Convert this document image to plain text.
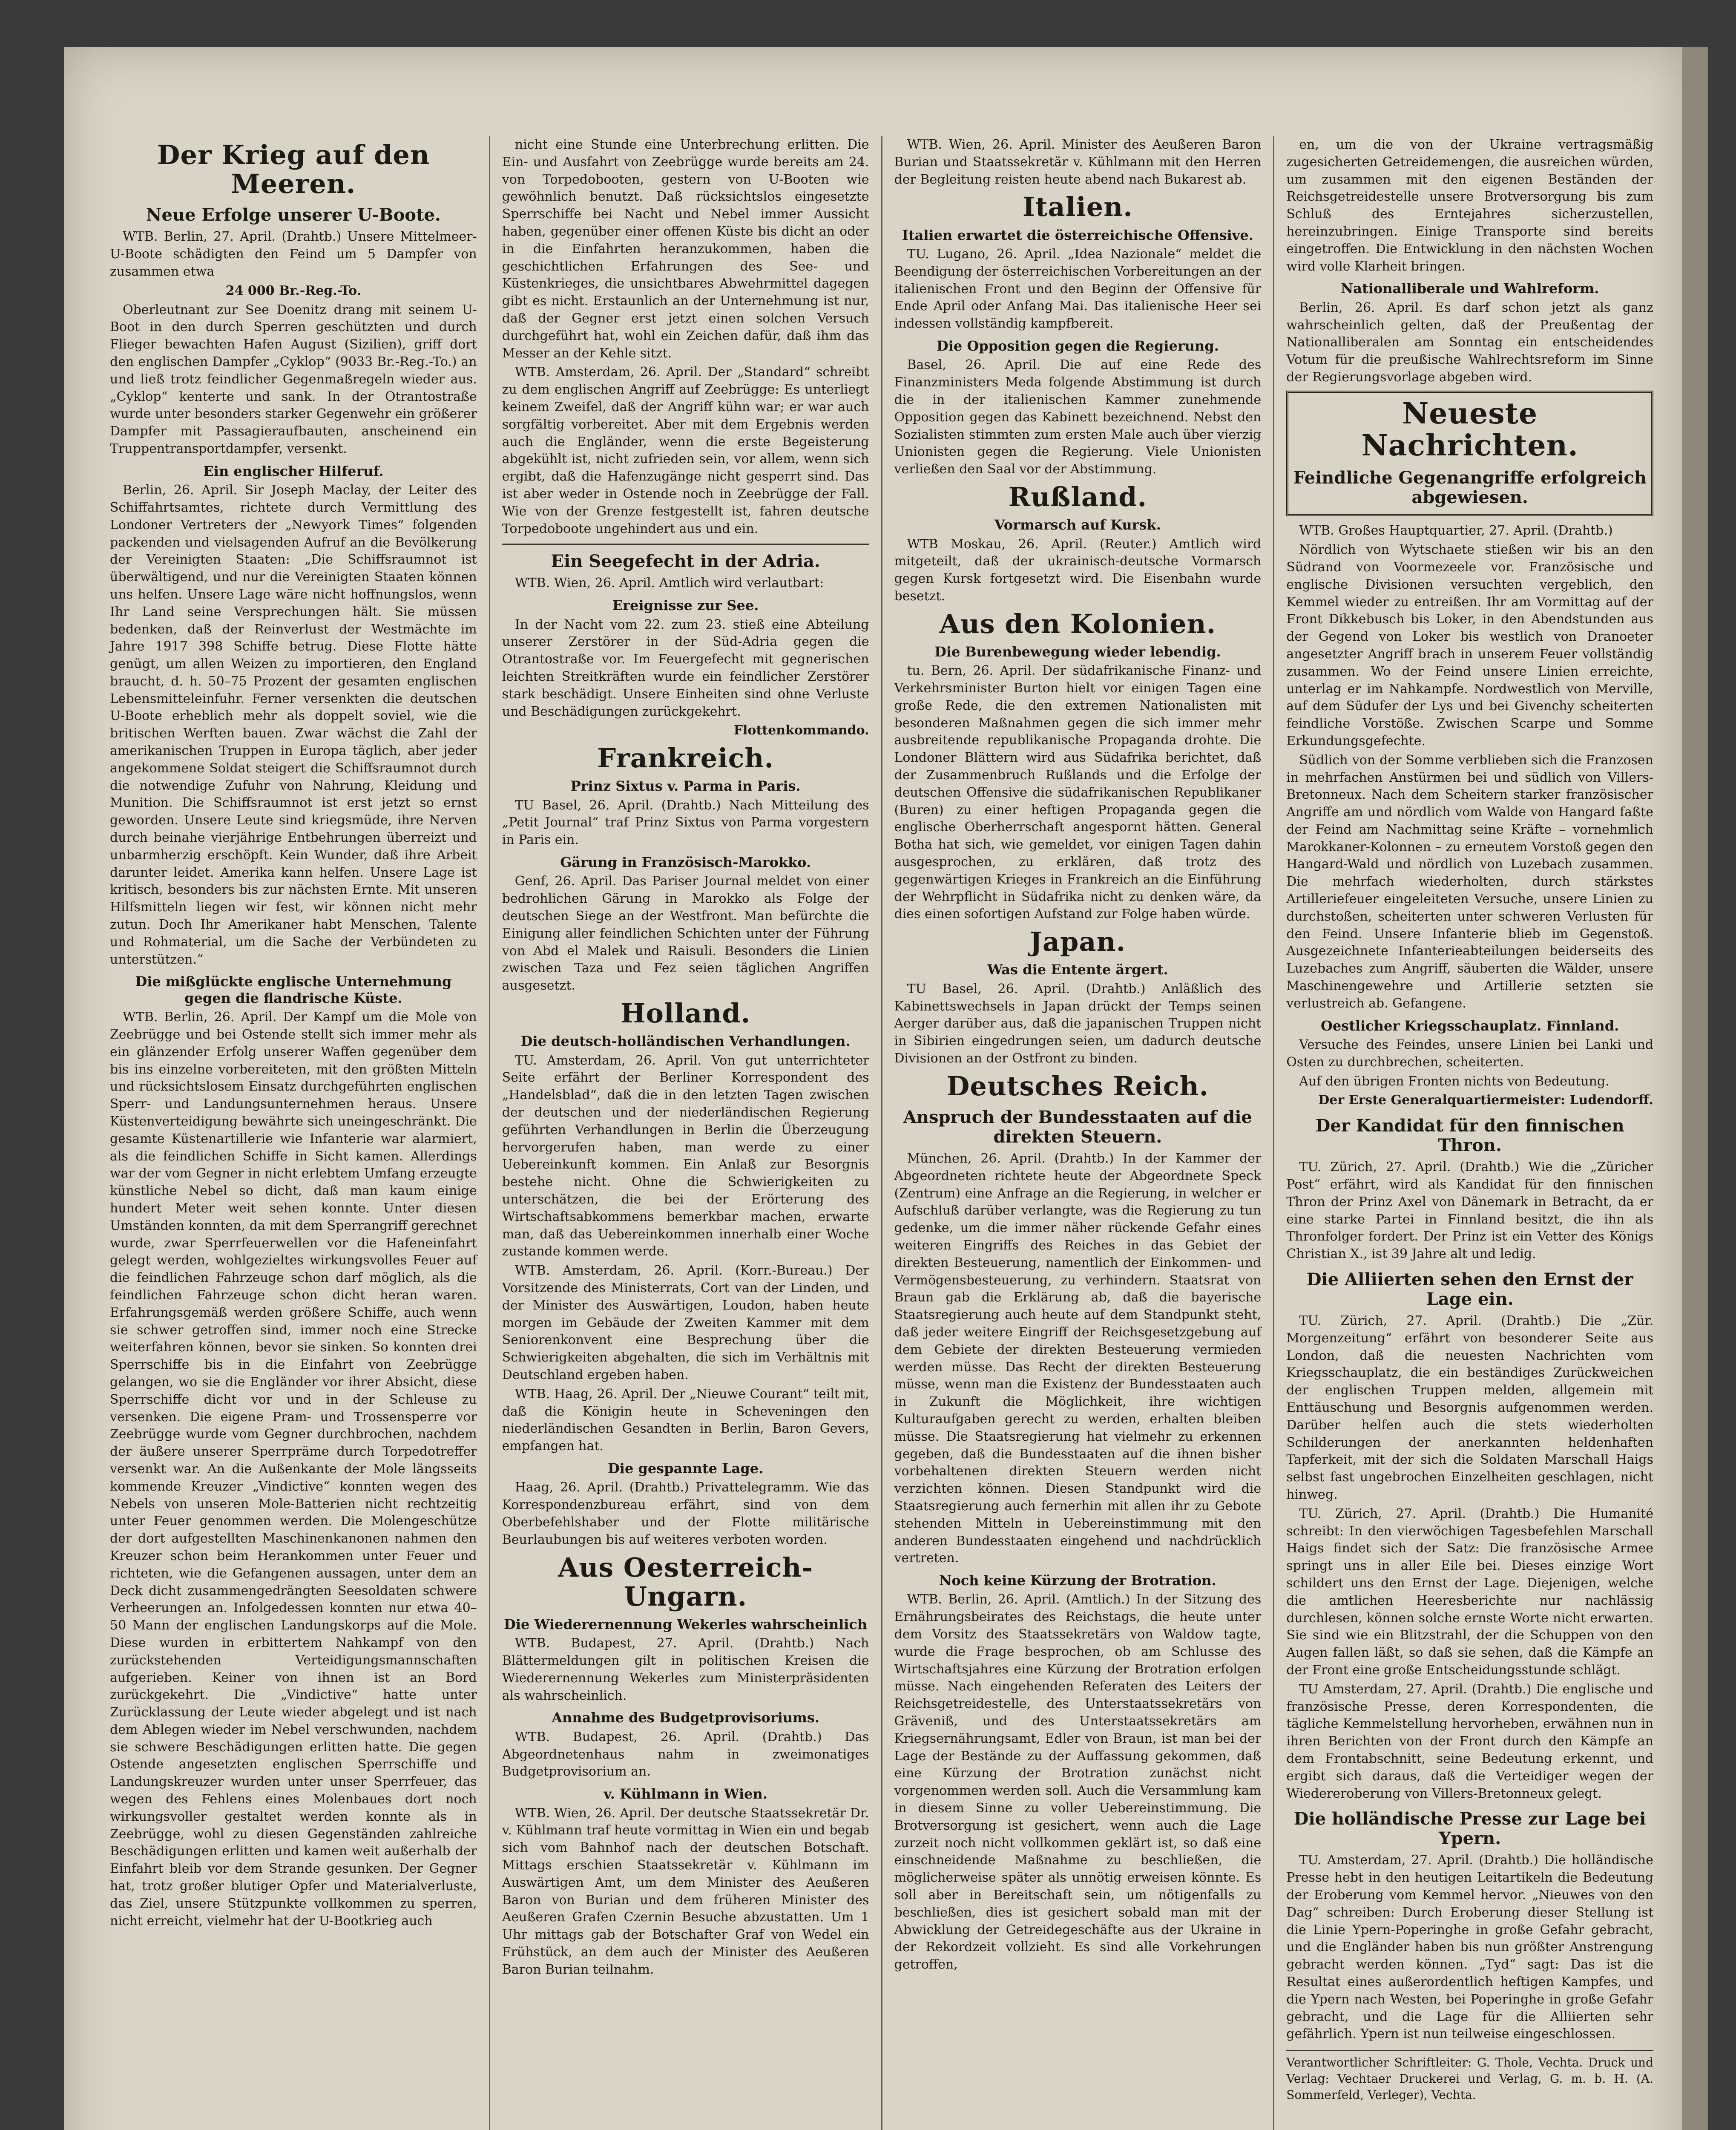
Der Krieg auf den Meeren.
Neue Erfolge unserer U-Boote.

WTB. Berlin, 27. April. (Drahtb.) Unsere Mittelmeer-U-Boote schädigten den Feind um 5 Dampfer von zusammen etwa

24 000 Br.-Reg.-To.

Oberleutnant zur See Doenitz drang mit seinem U-Boot in den durch Sperren geschützten und durch Flieger bewachten Hafen August (Sizilien), griff dort den englischen Dampfer „Cyklop“ (9033 Br.-Reg.-To.) an und ließ trotz feindlicher Gegenmaßregeln wieder aus. „Cyklop“ kenterte und sank. In der Otrantostraße wurde unter besonders starker Gegenwehr ein größerer Dampfer mit Passagieraufbauten, anscheinend ein Truppentransportdampfer, versenkt.

Ein englischer Hilferuf.

Berlin, 26. April. Sir Joseph Maclay, der Leiter des Schiffahrtsamtes, richtete durch Vermittlung des Londoner Vertreters der „Newyork Times“ folgenden packenden und vielsagenden Aufruf an die Bevölkerung der Vereinigten Staaten: „Die Schiffsraumnot ist überwältigend, und nur die Vereinigten Staaten können uns helfen. Unsere Lage wäre nicht hoffnungslos, wenn Ihr Land seine Versprechungen hält. Sie müssen bedenken, daß der Reinverlust der Westmächte im Jahre 1917 398 Schiffe betrug. Diese Flotte hätte genügt, um allen Weizen zu importieren, den England braucht, d. h. 50–75 Prozent der gesamten englischen Lebensmitteleinfuhr. Ferner versenkten die deutschen U-Boote erheblich mehr als doppelt soviel, wie die britischen Werften bauen. Zwar wächst die Zahl der amerikanischen Truppen in Europa täglich, aber jeder angekommene Soldat steigert die Schiffsraumnot durch die notwendige Zufuhr von Nahrung, Kleidung und Munition. Die Schiffsraumnot ist erst jetzt so ernst geworden. Unsere Leute sind kriegsmüde, ihre Nerven durch beinahe vierjährige Entbehrungen überreizt und unbarmherzig erschöpft. Kein Wunder, daß ihre Arbeit darunter leidet. Amerika kann helfen. Unsere Lage ist kritisch, besonders bis zur nächsten Ernte. Mit unseren Hilfsmitteln liegen wir fest, wir können nicht mehr zutun. Doch Ihr Amerikaner habt Menschen, Talente und Rohmaterial, um die Sache der Verbündeten zu unterstützen.“

Die mißglückte englische Unternehmung gegen die flandrische Küste.

WTB. Berlin, 26. April. Der Kampf um die Mole von Zeebrügge und bei Ostende stellt sich immer mehr als ein glänzender Erfolg unserer Waffen gegenüber dem bis ins einzelne vorbereiteten, mit den größten Mitteln und rücksichtslosem Einsatz durchgeführten englischen Sperr- und Landungsunternehmen heraus. Unsere Küstenverteidigung bewährte sich uneingeschränkt. Die gesamte Küstenartillerie wie Infanterie war alarmiert, als die feindlichen Schiffe in Sicht kamen. Allerdings war der vom Gegner in nicht erlebtem Umfang erzeugte künstliche Nebel so dicht, daß man kaum einige hundert Meter weit sehen konnte. Unter diesen Umständen konnten, da mit dem Sperrangriff gerechnet wurde, zwar Sperrfeuerwellen vor die Hafeneinfahrt gelegt werden, wohlgezieltes wirkungsvolles Feuer auf die feindlichen Fahrzeuge schon darf möglich, als die feindlichen Fahrzeuge schon dicht heran waren. Erfahrungsgemäß werden größere Schiffe, auch wenn sie schwer getroffen sind, immer noch eine Strecke weiterfahren können, bevor sie sinken. So konnten drei Sperrschiffe bis in die Einfahrt von Zeebrügge gelangen, wo sie die Engländer vor ihrer Absicht, diese Sperrschiffe dicht vor und in der Schleuse zu versenken. Die eigene Pram- und Trossensperre vor Zeebrügge wurde vom Gegner durchbrochen, nachdem der äußere unserer Sperrpräme durch Torpedotreffer versenkt war. An die Außenkante der Mole längsseits kommende Kreuzer „Vindictive“ konnten wegen des Nebels von unseren Mole-Batterien nicht rechtzeitig unter Feuer genommen werden. Die Molengeschütze der dort aufgestellten Maschinenkanonen nahmen den Kreuzer schon beim Herankommen unter Feuer und richteten, wie die Gefangenen aussagen, unter dem an Deck dicht zusammengedrängten Seesoldaten schwere Verheerungen an. Infolgedessen konnten nur etwa 40–50 Mann der englischen Landungskorps auf die Mole. Diese wurden in erbittertem Nahkampf von den zurückstehenden Verteidigungsmannschaften aufgerieben. Keiner von ihnen ist an Bord zurückgekehrt. Die „Vindictive“ hatte unter Zurücklassung der Leute wieder abgelegt und ist nach dem Ablegen wieder im Nebel verschwunden, nachdem sie schwere Beschädigungen erlitten hatte. Die gegen Ostende angesetzten englischen Sperrschiffe und Landungskreuzer wurden unter unser Sperrfeuer, das wegen des Fehlens eines Molenbaues dort noch wirkungsvoller gestaltet werden konnte als in Zeebrügge, wohl zu diesen Gegenständen zahlreiche Beschädigungen erlitten und kamen weit außerhalb der Einfahrt bleib vor dem Strande gesunken. Der Gegner hat, trotz großer blutiger Opfer und Materialverluste, das Ziel, unsere Stützpunkte vollkommen zu sperren, nicht erreicht, vielmehr hat der U-Bootkrieg auch

nicht eine Stunde eine Unterbrechung erlitten. Die Ein- und Ausfahrt von Zeebrügge wurde bereits am 24. von Torpedobooten, gestern von U-Booten wie gewöhnlich benutzt. Daß rücksichtslos eingesetzte Sperrschiffe bei Nacht und Nebel immer Aussicht haben, gegenüber einer offenen Küste bis dicht an oder in die Einfahrten heranzukommen, haben die geschichtlichen Erfahrungen des See- und Küstenkrieges, die unsichtbares Abwehrmittel dagegen gibt es nicht. Erstaunlich an der Unternehmung ist nur, daß der Gegner erst jetzt einen solchen Versuch durchgeführt hat, wohl ein Zeichen dafür, daß ihm das Messer an der Kehle sitzt.

WTB. Amsterdam, 26. April. Der „Standard“ schreibt zu dem englischen Angriff auf Zeebrügge: Es unterliegt keinem Zweifel, daß der Angriff kühn war; er war auch sorgfältig vorbereitet. Aber mit dem Ergebnis werden auch die Engländer, wenn die erste Begeisterung abgekühlt ist, nicht zufrieden sein, vor allem, wenn sich ergibt, daß die Hafenzugänge nicht gesperrt sind. Das ist aber weder in Ostende noch in Zeebrügge der Fall. Wie von der Grenze festgestellt ist, fahren deutsche Torpedoboote ungehindert aus und ein.

Ein Seegefecht in der Adria.

WTB. Wien, 26. April. Amtlich wird verlautbart:

Ereignisse zur See.

In der Nacht vom 22. zum 23. stieß eine Abteilung unserer Zerstörer in der Süd-Adria gegen die Otrantostraße vor. Im Feuergefecht mit gegnerischen leichten Streitkräften wurde ein feindlicher Zerstörer stark beschädigt. Unsere Einheiten sind ohne Verluste und Beschädigungen zurückgekehrt.

Flottenkommando.
Frankreich.
Prinz Sixtus v. Parma in Paris.

TU Basel, 26. April. (Drahtb.) Nach Mitteilung des „Petit Journal“ traf Prinz Sixtus von Parma vorgestern in Paris ein.

Gärung in Französisch-Marokko.

Genf, 26. April. Das Pariser Journal meldet von einer bedrohlichen Gärung in Marokko als Folge der deutschen Siege an der Westfront. Man befürchte die Einigung aller feindlichen Schichten unter der Führung von Abd el Malek und Raisuli. Besonders die Linien zwischen Taza und Fez seien täglichen Angriffen ausgesetzt.

Holland.
Die deutsch-holländischen Verhandlungen.

TU. Amsterdam, 26. April. Von gut unterrichteter Seite erfährt der Berliner Korrespondent des „Handelsblad“, daß die in den letzten Tagen zwischen der deutschen und der niederländischen Regierung geführten Verhandlungen in Berlin die Überzeugung hervorgerufen haben, man werde zu einer Uebereinkunft kommen. Ein Anlaß zur Besorgnis bestehe nicht. Ohne die Schwierigkeiten zu unterschätzen, die bei der Erörterung des Wirtschaftsabkommens bemerkbar machen, erwarte man, daß das Uebereinkommen innerhalb einer Woche zustande kommen werde.

WTB. Amsterdam, 26. April. (Korr.-Bureau.) Der Vorsitzende des Ministerrats, Cort van der Linden, und der Minister des Auswärtigen, Loudon, haben heute morgen im Gebäude der Zweiten Kammer mit dem Seniorenkonvent eine Besprechung über die Schwierigkeiten abgehalten, die sich im Verhältnis mit Deutschland ergeben haben.

WTB. Haag, 26. April. Der „Nieuwe Courant“ teilt mit, daß die Königin heute in Scheveningen den niederländischen Gesandten in Berlin, Baron Gevers, empfangen hat.

Die gespannte Lage.

Haag, 26. April. (Drahtb.) Privattelegramm. Wie das Korrespondenzbureau erfährt, sind von dem Oberbefehlshaber und der Flotte militärische Beurlaubungen bis auf weiteres verboten worden.

Aus Oesterreich-Ungarn.
Die Wiederernennung Wekerles wahrscheinlich

WTB. Budapest, 27. April. (Drahtb.) Nach Blättermeldungen gilt in politischen Kreisen die Wiederernennung Wekerles zum Ministerpräsidenten als wahrscheinlich.

Annahme des Budgetprovisoriums.

WTB. Budapest, 26. April. (Drahtb.) Das Abgeordnetenhaus nahm in zweimonatiges Budgetprovisorium an.

v. Kühlmann in Wien.

WTB. Wien, 26. April. Der deutsche Staatssekretär Dr. v. Kühlmann traf heute vormittag in Wien ein und begab sich vom Bahnhof nach der deutschen Botschaft. Mittags erschien Staatssekretär v. Kühlmann im Auswärtigen Amt, um dem Minister des Aeußeren Baron von Burian und dem früheren Minister des Aeußeren Grafen Czernin Besuche abzustatten. Um 1 Uhr mittags gab der Botschafter Graf von Wedel ein Frühstück, an dem auch der Minister des Aeußeren Baron Burian teilnahm.

WTB. Wien, 26. April. Minister des Aeußeren Baron Burian und Staatssekretär v. Kühlmann mit den Herren der Begleitung reisten heute abend nach Bukarest ab.

Italien.
Italien erwartet die österreichische Offensive.

TU. Lugano, 26. April. „Idea Nazionale“ meldet die Beendigung der österreichischen Vorbereitungen an der italienischen Front und den Beginn der Offensive für Ende April oder Anfang Mai. Das italienische Heer sei indessen vollständig kampfbereit.

Die Opposition gegen die Regierung.

Basel, 26. April. Die auf eine Rede des Finanzministers Meda folgende Abstimmung ist durch die in der italienischen Kammer zunehmende Opposition gegen das Kabinett bezeichnend. Nebst den Sozialisten stimmten zum ersten Male auch über vierzig Unionisten gegen die Regierung. Viele Unionisten verließen den Saal vor der Abstimmung.

Rußland.
Vormarsch auf Kursk.

WTB Moskau, 26. April. (Reuter.) Amtlich wird mitgeteilt, daß der ukrainisch-deutsche Vormarsch gegen Kursk fortgesetzt wird. Die Eisenbahn wurde besetzt.

Aus den Kolonien.
Die Burenbewegung wieder lebendig.

tu. Bern, 26. April. Der südafrikanische Finanz- und Verkehrsminister Burton hielt vor einigen Tagen eine große Rede, die den extremen Nationalisten mit besonderen Maßnahmen gegen die sich immer mehr ausbreitende republikanische Propaganda drohte. Die Londoner Blättern wird aus Südafrika berichtet, daß der Zusammenbruch Rußlands und die Erfolge der deutschen Offensive die südafrikanischen Republikaner (Buren) zu einer heftigen Propaganda gegen die englische Oberherrschaft angespornt hätten. General Botha hat sich, wie gemeldet, vor einigen Tagen dahin ausgesprochen, zu erklären, daß trotz des gegenwärtigen Krieges in Frankreich an die Einführung der Wehrpflicht in Südafrika nicht zu denken wäre, da dies einen sofortigen Aufstand zur Folge haben würde.

Japan.
Was die Entente ärgert.

TU Basel, 26. April. (Drahtb.) Anläßlich des Kabinettswechsels in Japan drückt der Temps seinen Aerger darüber aus, daß die japanischen Truppen nicht in Sibirien eingedrungen seien, um dadurch deutsche Divisionen an der Ostfront zu binden.

Deutsches Reich.
Anspruch der Bundesstaaten auf die direkten Steuern.

München, 26. April. (Drahtb.) In der Kammer der Abgeordneten richtete heute der Abgeordnete Speck (Zentrum) eine Anfrage an die Regierung, in welcher er Aufschluß darüber verlangte, was die Regierung zu tun gedenke, um die immer näher rückende Gefahr eines weiteren Eingriffs des Reiches in das Gebiet der direkten Besteuerung, namentlich der Einkommen- und Vermögensbesteuerung, zu verhindern. Staatsrat von Braun gab die Erklärung ab, daß die bayerische Staatsregierung auch heute auf dem Standpunkt steht, daß jeder weitere Eingriff der Reichsgesetzgebung auf dem Gebiete der direkten Besteuerung vermieden werden müsse. Das Recht der direkten Besteuerung müsse, wenn man die Existenz der Bundesstaaten auch in Zukunft die Möglichkeit, ihre wichtigen Kulturaufgaben gerecht zu werden, erhalten bleiben müsse. Die Staatsregierung hat vielmehr zu erkennen gegeben, daß die Bundesstaaten auf die ihnen bisher vorbehaltenen direkten Steuern werden nicht verzichten können. Diesen Standpunkt wird die Staatsregierung auch fernerhin mit allen ihr zu Gebote stehenden Mitteln in Uebereinstimmung mit den anderen Bundesstaaten eingehend und nachdrücklich vertreten.

Noch keine Kürzung der Brotration.

WTB. Berlin, 26. April. (Amtlich.) In der Sitzung des Ernährungsbeirates des Reichstags, die heute unter dem Vorsitz des Staatssekretärs von Waldow tagte, wurde die Frage besprochen, ob am Schlusse des Wirtschaftsjahres eine Kürzung der Brotration erfolgen müsse. Nach eingehenden Referaten des Leiters der Reichsgetreidestelle, des Unterstaatssekretärs von Gräveniß, und des Unterstaatssekretärs am Kriegsernährungsamt, Edler von Braun, ist man bei der Lage der Bestände zu der Auffassung gekommen, daß eine Kürzung der Brotration zunächst nicht vorgenommen werden soll. Auch die Versammlung kam in diesem Sinne zu voller Uebereinstimmung. Die Brotversorgung ist gesichert, wenn auch die Lage zurzeit noch nicht vollkommen geklärt ist, so daß eine einschneidende Maßnahme zu beschließen, die möglicherweise später als unnötig erweisen könnte. Es soll aber in Bereitschaft sein, um nötigenfalls zu beschließen, dies ist gesichert sobald man mit der Abwicklung der Getreidegeschäfte aus der Ukraine in der Rekordzeit vollzieht. Es sind alle Vorkehrungen getroffen,

en, um die von der Ukraine vertragsmäßig zugesicherten Getreidemengen, die ausreichen würden, um zusammen mit den eigenen Beständen der Reichsgetreidestelle unsere Brotversorgung bis zum Schluß des Erntejahres sicherzustellen, hereinzubringen. Einige Transporte sind bereits eingetroffen. Die Entwicklung in den nächsten Wochen wird volle Klarheit bringen.

Nationalliberale und Wahlreform.

Berlin, 26. April. Es darf schon jetzt als ganz wahrscheinlich gelten, daß der Preußentag der Nationalliberalen am Sonntag ein entscheidendes Votum für die preußische Wahlrechtsreform im Sinne der Regierungsvorlage abgeben wird.

Neueste Nachrichten.
Feindliche Gegenangriffe erfolgreich abgewiesen.

WTB. Großes Hauptquartier, 27. April. (Drahtb.)

Nördlich von Wytschaete stießen wir bis an den Südrand von Voormezeele vor. Französische und englische Divisionen versuchten vergeblich, den Kemmel wieder zu entreißen. Ihr am Vormittag auf der Front Dikkebusch bis Loker, in den Abendstunden aus der Gegend von Loker bis westlich von Dranoeter angesetzter Angriff brach in unserem Feuer vollständig zusammen. Wo der Feind unsere Linien erreichte, unterlag er im Nahkampfe. Nordwestlich von Merville, auf dem Südufer der Lys und bei Givenchy scheiterten feindliche Vorstöße. Zwischen Scarpe und Somme Erkundungsgefechte.

Südlich von der Somme verblieben sich die Franzosen in mehrfachen Anstürmen bei und südlich von Villers-Bretonneux. Nach dem Scheitern starker französischer Angriffe am und nördlich vom Walde von Hangard faßte der Feind am Nachmittag seine Kräfte – vornehmlich Marokkaner-Kolonnen – zu erneutem Vorstoß gegen den Hangard-Wald und nördlich von Luzebach zusammen. Die mehrfach wiederholten, durch stärkstes Artilleriefeuer eingeleiteten Versuche, unsere Linien zu durchstoßen, scheiterten unter schweren Verlusten für den Feind. Unsere Infanterie blieb im Gegenstoß. Ausgezeichnete Infanterieabteilungen beiderseits des Luzebaches zum Angriff, säuberten die Wälder, unsere Maschinengewehre und Artillerie setzten sie verlustreich ab. Gefangene.

Oestlicher Kriegsschauplatz. Finnland.

Versuche des Feindes, unsere Linien bei Lanki und Osten zu durchbrechen, scheiterten.

Auf den übrigen Fronten nichts von Bedeutung.

Der Erste Generalquartiermeister: Ludendorff.
Der Kandidat für den finnischen Thron.

TU. Zürich, 27. April. (Drahtb.) Wie die „Züricher Post“ erfährt, wird als Kandidat für den finnischen Thron der Prinz Axel von Dänemark in Betracht, da er eine starke Partei in Finnland besitzt, die ihn als Thronfolger fordert. Der Prinz ist ein Vetter des Königs Christian X., ist 39 Jahre alt und ledig.

Die Alliierten sehen den Ernst der Lage ein.

TU. Zürich, 27. April. (Drahtb.) Die „Zür. Morgenzeitung“ erfährt von besonderer Seite aus London, daß die neuesten Nachrichten vom Kriegsschauplatz, die ein beständiges Zurückweichen der englischen Truppen melden, allgemein mit Enttäuschung und Besorgnis aufgenommen werden. Darüber helfen auch die stets wiederholten Schilderungen der anerkannten heldenhaften Tapferkeit, mit der sich die Soldaten Marschall Haigs selbst fast ungebrochen Einzelheiten geschlagen, nicht hinweg.

TU. Zürich, 27. April. (Drahtb.) Die Humanité schreibt: In den vierwöchigen Tagesbefehlen Marschall Haigs findet sich der Satz: Die französische Armee springt uns in aller Eile bei. Dieses einzige Wort schildert uns den Ernst der Lage. Diejenigen, welche die amtlichen Heeresberichte nur nachlässig durchlesen, können solche ernste Worte nicht erwarten. Sie sind wie ein Blitzstrahl, der die Schuppen von den Augen fallen läßt, so daß sie sehen, daß die Kämpfe an der Front eine große Entscheidungsstunde schlägt.

TU Amsterdam, 27. April. (Drahtb.) Die englische und französische Presse, deren Korrespondenten, die tägliche Kemmelstellung hervorheben, erwähnen nun in ihren Berichten von der Front durch den Kämpfe an dem Frontabschnitt, seine Bedeutung erkennt, und ergibt sich daraus, daß die Verteidiger wegen der Wiedereroberung von Villers-Bretonneux gelegt.

Die holländische Presse zur Lage bei Ypern.

TU. Amsterdam, 27. April. (Drahtb.) Die holländische Presse hebt in den heutigen Leitartikeln die Bedeutung der Eroberung vom Kemmel hervor. „Nieuwes von den Dag“ schreiben: Durch Eroberung dieser Stellung ist die Linie Ypern-Poperinghe in große Gefahr gebracht, und die Engländer haben bis nun größter Anstrengung gebracht werden können. „Tyd“ sagt: Das ist die Resultat eines außerordentlich heftigen Kampfes, und die Ypern nach Westen, bei Poperinghe in große Gefahr gebracht, und die Lage für die Alliierten sehr gefährlich. Ypern ist nun teilweise eingeschlossen.

Verantwortlicher Schriftleiter: G. Thole, Vechta. Druck und Verlag: Vechtaer Druckerei und Verlag, G. m. b. H. (A. Sommerfeld, Verleger), Vechta.
